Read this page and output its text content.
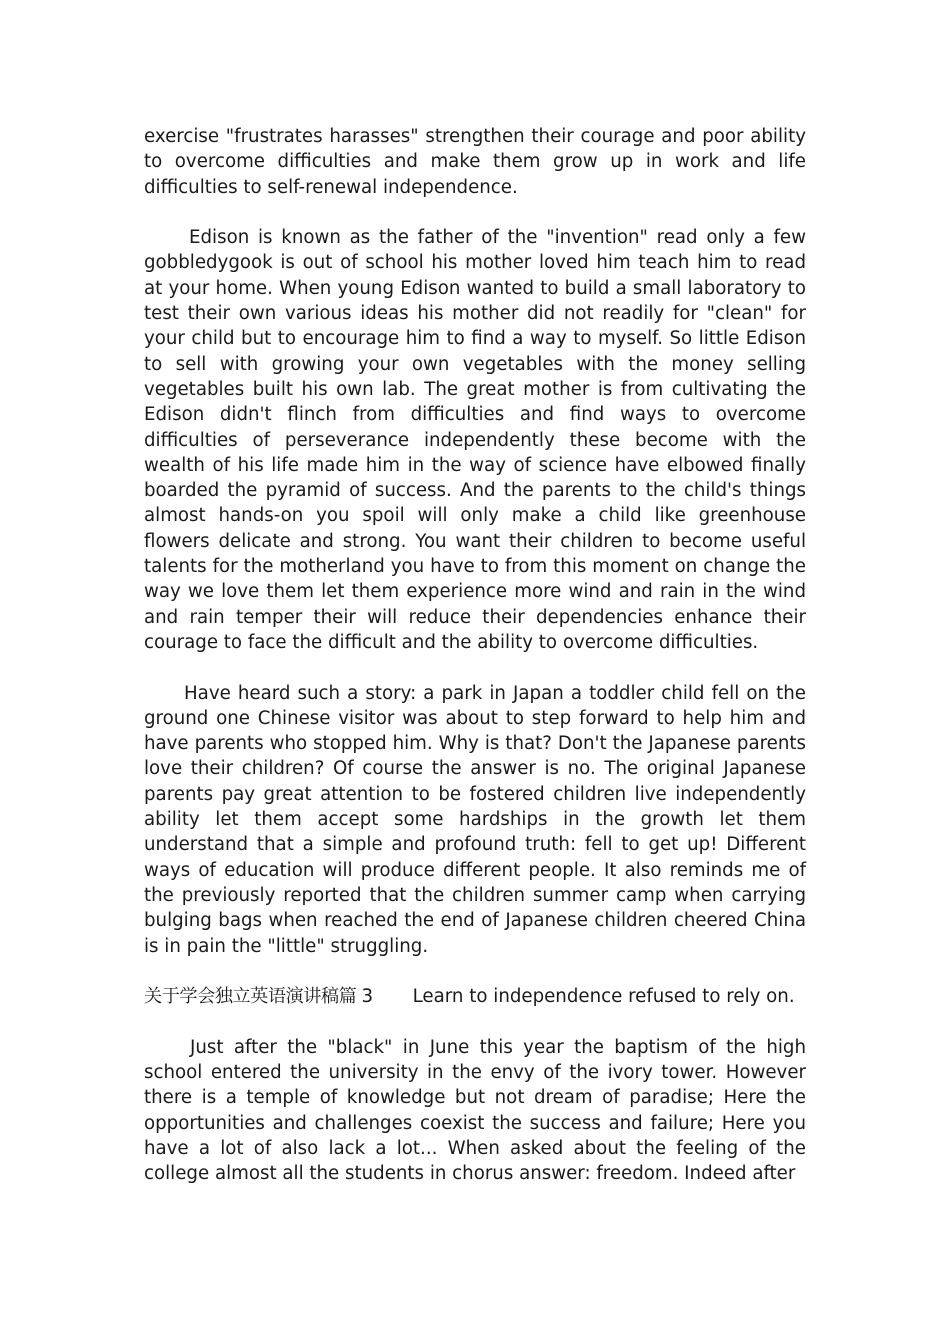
exercise "frustrates harasses" strengthen their courage and poor ability to overcome difficulties and make them grow up in work and life difficulties to self-renewal independence.

Edison is known as the father of the "invention" read only a few gobbledygook is out of school his mother loved him teach him to read at your home. When young Edison wanted to build a small laboratory to test their own various ideas his mother did not readily for "clean" for your child but to encourage him to find a way to myself. So little Edison to sell with growing your own vegetables with the money selling vegetables built his own lab. The great mother is from cultivating the Edison didn't flinch from difficulties and find ways to overcome difficulties of perseverance independently these become with the wealth of his life made him in the way of science have elbowed finally boarded the pyramid of success. And the parents to the child's things almost hands-on you spoil will only make a child like greenhouse flowers delicate and strong. You want their children to become useful talents for the motherland you have to from this moment on change the way we love them let them experience more wind and rain in the wind and rain temper their will reduce their dependencies enhance their courage to face the difficult and the ability to overcome difficulties.

Have heard such a story: a park in Japan a toddler child fell on the ground one Chinese visitor was about to step forward to help him and have parents who stopped him. Why is that? Don't the Japanese parents love their children? Of course the answer is no. The original Japanese parents pay great attention to be fostered children live independently ability let them accept some hardships in the growth let them understand that a simple and profound truth: fell to get up! Different ways of education will produce different people. It also reminds me of the previously reported that the children summer camp when carrying bulging bags when reached the end of Japanese children cheered China is in pain the "little" struggling.

关于学会独立英语演讲稿篇 3 Learn to independence refused to rely on.

Just after the "black" in June this year the baptism of the high school entered the university in the envy of the ivory tower. However there is a temple of knowledge but not dream of paradise; Here the opportunities and challenges coexist the success and failure; Here you have a lot of also lack a lot... When asked about the feeling of the college almost all the students in chorus answer: freedom. Indeed after
